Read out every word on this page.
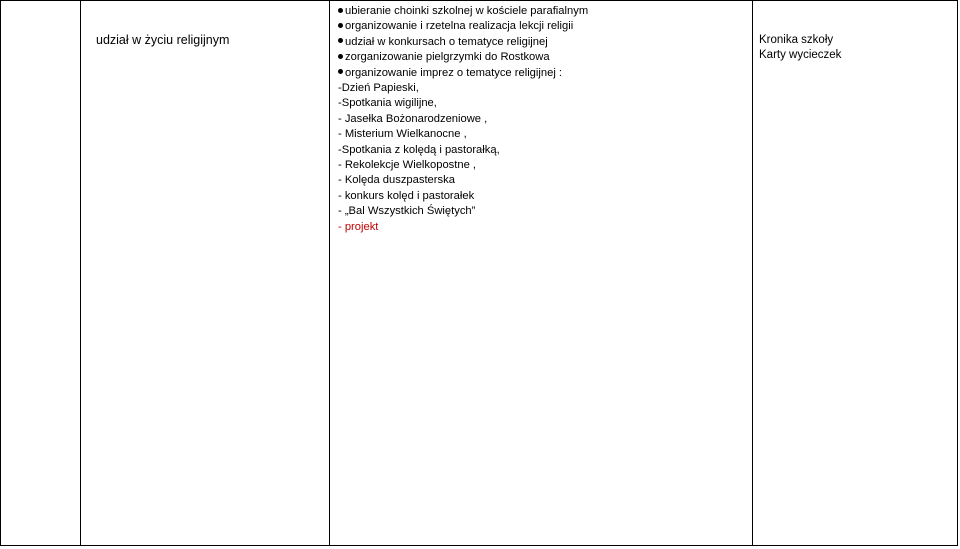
udział w życiu religijnym
ubieranie choinki szkolnej w kościele parafialnym
organizowanie i rzetelna realizacja lekcji religii
udział w konkursach o tematyce religijnej
zorganizowanie pielgrzymki do Rostkowa
organizowanie imprez o tematyce religijnej :
-Dzień Papieski,
-Spotkania wigilijne,
- Jasełka Bożonarodzeniowe ,
- Misterium Wielkanocne ,
-Spotkania z kolędą i pastorałką,
- Rekolekcje Wielkopostne ,
- Kolęda duszpasterska
- konkurs kolęd i pastorałek
- „Bal Wszystkich Świętych”
- projekt
Kronika szkoły
Karty wycieczek
